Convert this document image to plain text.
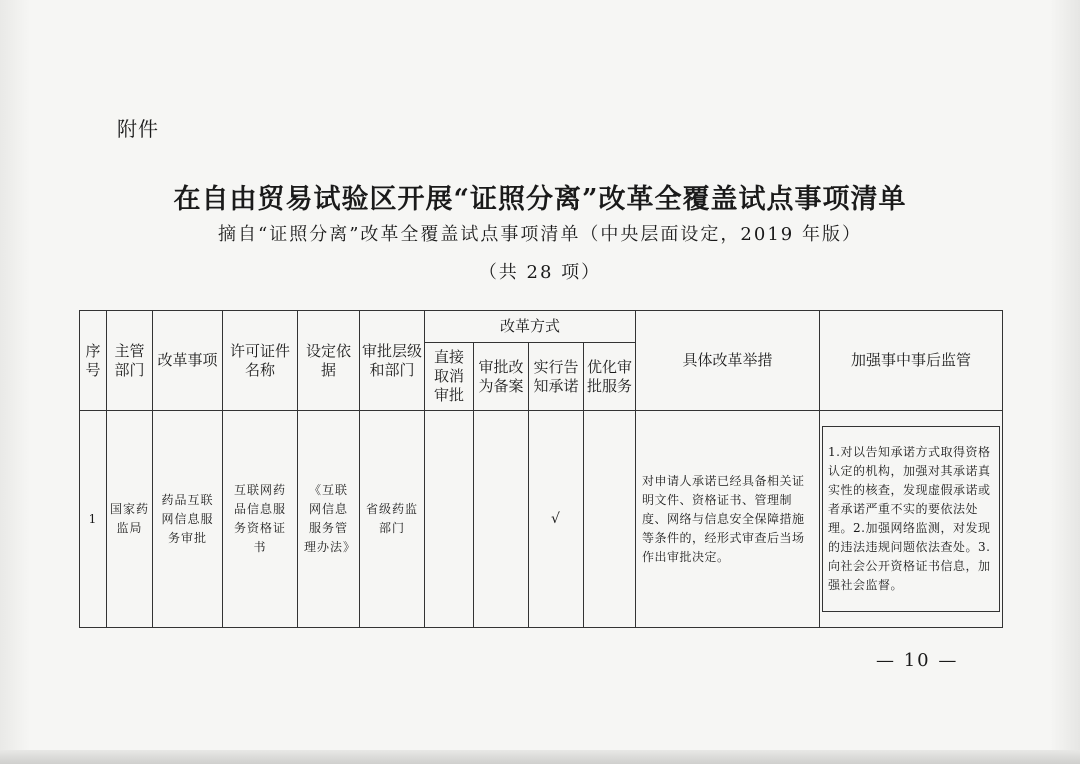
附件
在自由贸易试验区开展“证照分离”改革全覆盖试点事项清单
摘自“证照分离”改革全覆盖试点事项清单（中央层面设定，2019 年版）
（共 28 项）
序号	主管部门	改革事项	许可证件名称	设定依据	审批层级和部门	改革方式				具体改革举措	加强事中事后监管
						直接取消审批	审批改为备案	实行告知承诺	优化审批服务		
1	国家药监局	药品互联网信息服务审批	互联网药品信息服务资格证书	《互联网信息服务管理办法》	省级药监部门			√		对申请人承诺已经具备相关证明文件、资格证书、管理制度、网络与信息安全保障措施等条件的，经形式审查后当场作出审批决定。	1.对以告知承诺方式取得资格认定的机构，加强对其承诺真实性的核查，发现虚假承诺或者承诺严重不实的要依法处理。2.加强网络监测，对发现的违法违规问题依法查处。3.向社会公开资格证书信息，加强社会监督。
— 10 —
